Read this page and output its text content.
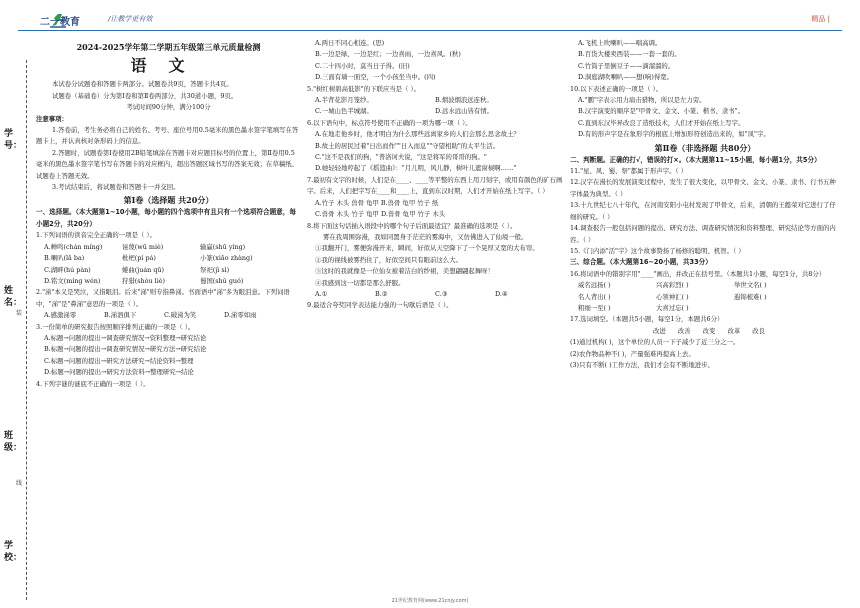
二一教育	/让教学更有效	精品 |
学号：
姓名：
班级：
学校：
装
线

2024-2025学年第二学期五年级第三单元质量检测

语文

本试卷分试题卷和答题卡两部分。试题卷共9页，答题卡共4页。

试题卷（基础卷）分为第Ⅰ卷和第Ⅱ卷两部分，共30道小题，9页。

考试时间90分钟，满分100分

注意事项：

1.答卷前，考生务必将自己的姓名、考号、座位号用0.5毫米的黑色墨水签字笔填写在答题卡上，并认真核对条形码上的信息。

2.答题时，试题卷第Ⅰ卷使用2B铅笔填涂在答题卡对应题目标号的位置上，第Ⅱ卷用0.5毫米的黑色墨水签字笔书写在答题卡的对应框内，超出答题区域书写的答案无效；在草稿纸、试题卷上答题无效。

3.考试结束后，将试题卷和答题卡一并交回。

第Ⅰ卷（选择题 共20分）

一、选择题。（本大题第1~10小题，每小题的四个选项中有且只有一个选项符合题意，每小题2分，共20分）

1.下列词语的读音完全正确的一项是（ ）。

A.蝉鸣(chán míng)	诬蔑(wū miè)	输赢(shū yíng)

B.喇叭(lǎ ba)	枇杷(pí pá)	小篆(xiǎo zhàng)

C.湖畔(hú pàn)	蜷曲(juán qū)	祭祀(jì sì)

D.铭文(míng wén)	狩猎(shòu liè)	蜀国(shǔ guó)

2."涕"本义是哭泣，又指眼泪。后来"涕"则专指鼻涕。书面语中"涕"多为眼泪意。下列词语中，"涕"是"鼻涕"意思的一项是（ ）。

A.感激涕零	B.涕泗俱下	C.破涕为笑	D.涕零如雨

3.一份简单的研究报告按照顺序排列正确的一项是（ ）。

A.标题→问题的提出→调查研究情况→资料整理→研究结论

B.标题→问题的提出→调查研究情况→研究方法→研究结论

C.标题→问题的提出→研究方法研究→结论资料→整理

D.标题→问题的提出→研究方法资料→整理研究→结论

4.下列字谜的谜底不正确的一项是（ ）。

A.两日不同心相连。(思)

B.一边是绿，一边是红；一边喜雨，一边喜风。(秋)

C.二十四小时，莫当日子得。(旧)

D.三面有墙一面空，一个小孩坐当中。(四)

5."树红树碧高低影"的下联应当是（ ）。

A.半背花影月笼纱。	B.烟波烟浪远连秋。

C.一城山色半城湖。	D.远水远山皆有情。

6.以下语句中，标点符号使用不正确的一项为哪一项（ ）。

A.在地走他乡时，他才明白为什么那些远离家乡的人们会那么思念故土？

B.故土的居民过着"日出而作""日入而息""守望相助"的太平生活。

C."这不是我们的狗，"普洛诃夫说，"这是将军的哥哥的狗。"

D.她轻轻地哼起了《摇篮曲》："月儿明，风儿静，树叶儿遮窗棂啊……"

7.最初有文字的时候，人们是在____、____等平整的东西上用刀刻字，或用有颜色的矿石画字。后来，人们把字写在____和____上，直到东汉时期，人们才开始在纸上写字。（ ）

A.竹子 木头 兽骨 龟甲 B.兽骨 龟甲 竹子 纸

C.兽骨 木头 竹子 龟甲 D.兽骨 龟甲 竹子 木头

8.将下面这句话插入语段中的哪个句子后面最适宜？最准确的选项是（ ）。

雾在我周围弥漫，我如同置身于茫茫的雾海中，又仿佛进入了仙境一般。

①我翻开门，雾便弥漫开来，瞬间，好似从天空降下了一个晃厚又宽的大布帘。

②我的视线被雾挡住了，好似空间只有眼前这么大。

③这时的我就像是一位仙女被着洁白的纱裙，美想翩翩起舞呀！

④我感到这一切都是那么舒服。

A.①	B.②	C.③	D.④

9.最适合夸奖同学表达能力强的一句歇后语是（ ）。

A.飞机上吹喇叭——唱高调。

B.百货大楼卖西装——一套一套的。

C.竹筒子里倒豆子——滴溜溜的。

D.洞庭湖吹喇叭——想(响)得宽。

10.以下表述正确的一项是（ ）。

A."鹏"字表示用力扇击猎物，所以是左力旁。

B.汉字演变的顺序是"甲骨文、金文、小篆、楷书、隶书"。

C.直到东汉毕昇改良了造纸技术，人们才开始在纸上写字。

D.有的形声字是在象形字的根底上增加形符创造出来的，如"凤"字。

第Ⅱ卷（非选择题 共80分）

二、判断题。正确的打√，错误的打×。（本大题第11~15小题，每小题1分，共5分）

11."星、风、蜀、祭"都属于形声字。（ ）

12.汉字在漫长的发展演变过程中，发生了很大变化，以甲骨文、金文、小篆、隶书、行书五种字体最为典型。（ ）

13.十九世纪七八十年代，在河南安阳小屯村发现了甲骨文，后来，清朝的王懿荣对它进行了仔细的研究。（ ）

14.调查报告一般包括问题的提出、研究方法、调查研究情况和资料整理、研究结论等方面的内容。（ ）

15.《门内添"活"字》这个故事赞扬了杨修的聪明、机智。（ ）

三、综合题。（本大题第16~20小题，共33分）

16.将词语中的错别字用"____"画出，并改正在括号里。（本题共1小题，每空1分，共8分）

威名远扬( )	兴高彩烈( )	举世文名( )

名人背出( )	心领神汇( )	遐锦梳难( )

粗细一至( )	大喜过忘( )

17.选词填空。（本题共5小题，每空1分，本题共6分）

改进 改善 改变 改革 改良

(1)通过机构( )，这个单位的人员一下子减少了近三分之一。

(2)农作物品种不( )，产量强难再提高上去。

(3)只有不断( )工作方法，我们才会有不断地进步。

21世纪教育网(www.21cnjy.com)
